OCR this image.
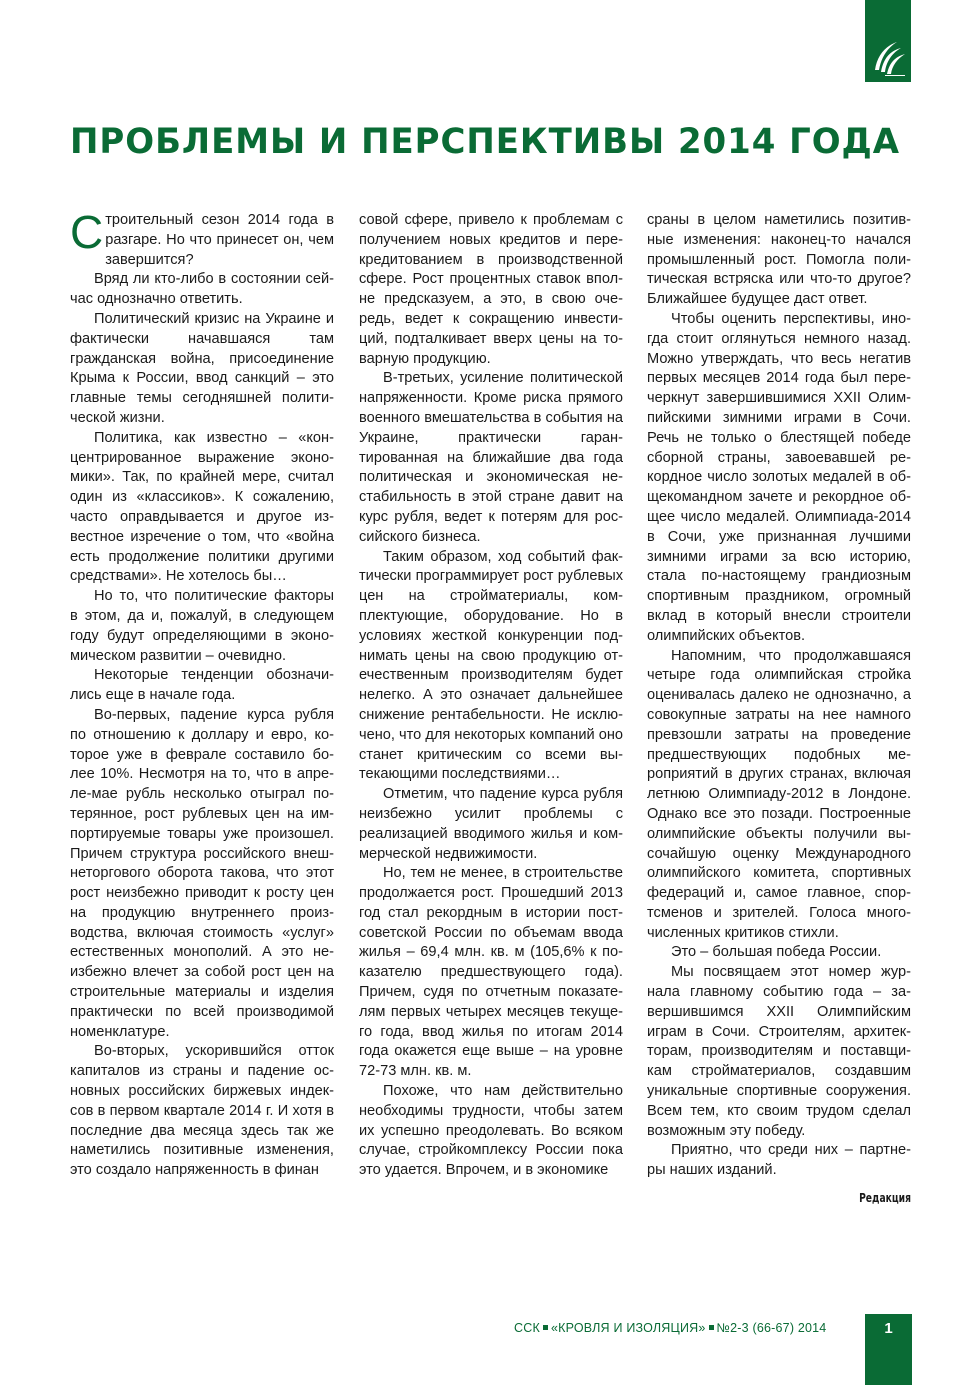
ПРОБЛЕМЫ И ПЕРСПЕКТИВЫ 2014 ГОДА

Строительный сезон 2014 года в разгаре. Но что принесет он, чем завершится?

Вряд ли кто-либо в состоянии сейчас однозначно ответить.

Политический кризис на Украине и фактически начавшаяся там гражданская война, присоединение Крыма к России, ввод санкций – это главные темы сегодняшней политической жизни.

Политика, как известно – «концентрированное выражение экономики». Так, по крайней мере, считал один из «классиков». К сожалению, часто оправдывается и другое известное изречение о том, что «война есть продолжение политики другими средствами». Не хотелось бы…

Но то, что политические факторы в этом, да и, пожалуй, в следующем году будут определяющими в экономическом развитии – очевидно.

Некоторые тенденции обозначились еще в начале года.

Во-первых, падение курса рубля по отношению к доллару и евро, которое уже в феврале составило более 10%. Несмотря на то, что в апреле-мае рубль несколько отыграл потерянное, рост рублевых цен на импортируемые товары уже произошел. Причем структура российского внешнеторгового оборота такова, что этот рост неизбежно приводит к росту цен на продукцию внутреннего производства, включая стоимость «услуг» естественных монополий. А это неизбежно влечет за собой рост цен на строительные материалы и изделия практически по всей производимой номенклатуре.

Во-вторых, ускорившийся отток капиталов из страны и падение основных российских биржевых индексов в первом квартале 2014 г. И хотя в последние два месяца здесь так же наметились позитивные изменения, это создало напряженность в финан

совой сфере, привело к проблемам с получением новых кредитов и перекредитованием в производственной сфере. Рост процентных ставок вполне предсказуем, а это, в свою очередь, ведет к сокращению инвестиций, подталкивает вверх цены на товарную продукцию.

В-третьих, усиление политической напряженности. Кроме риска прямого военного вмешательства в события на Украине, практически гарантированная на ближайшие два года политическая и экономическая нестабильность в этой стране давит на курс рубля, ведет к потерям для российского бизнеса.

Таким образом, ход событий фактически программирует рост рублевых цен на стройматериалы, комплектующие, оборудование. Но в условиях жесткой конкуренции поднимать цены на свою продукцию отечественным производителям будет нелегко. А это означает дальнейшее снижение рентабельности. Не исключено, что для некоторых компаний оно станет критическим со всеми вытекающими последствиями…

Отметим, что падение курса рубля неизбежно усилит проблемы с реализацией вводимого жилья и коммерческой недвижимости.

Но, тем не менее, в строительстве продолжается рост. Прошедший 2013 год стал рекордным в истории постсоветской России по объемам ввода жилья – 69,4 млн. кв. м (105,6% к показателю предшествующего года). Причем, судя по отчетным показателям первых четырех месяцев текущего года, ввод жилья по итогам 2014 года окажется еще выше – на уровне 72-73 млн. кв. м.

Похоже, что нам действительно необходимы трудности, чтобы затем их успешно преодолевать. Во всяком случае, стройкомплексу России пока это удается. Впрочем, и в экономике

сраны в целом наметились позитивные изменения: наконец-то начался промышленный рост. Помогла политическая встряска или что-то другое? Ближайшее будущее даст ответ.

Чтобы оценить перспективы, иногда стоит оглянуться немного назад. Можно утверждать, что весь негатив первых месяцев 2014 года был перечеркнут завершившимися XXII Олимпийскими зимними играми в Сочи. Речь не только о блестящей победе сборной страны, завоевавшей рекордное число золотых медалей в общекомандном зачете и рекордное общее число медалей. Олимпиада-2014 в Сочи, уже признанная лучшими зимними играми за всю историю, стала по-настоящему грандиозным спортивным праздником, огромный вклад в который внесли строители олимпийских объектов.

Напомним, что продолжавшаяся четыре года олимпийская стройка оценивалась далеко не однозначно, а совокупные затраты на нее намного превзошли затраты на проведение предшествующих подобных мероприятий в других странах, включая летнюю Олимпиаду-2012 в Лондоне. Однако все это позади. Построенные олимпийские объекты получили высочайшую оценку Международного олимпийского комитета, спортивных федераций и, самое главное, спортсменов и зрителей. Голоса многочисленных критиков стихли.

Это – большая победа России.

Мы посвящаем этот номер журнала главному событию года – завершившимся XXII Олимпийским играм в Сочи. Строителям, архитекторам, производителям и поставщикам стройматериалов, создавшим уникальные спортивные сооружения. Всем тем, кто своим трудом сделал возможным эту победу.

Приятно, что среди них – партнеры наших изданий.

Редакция
ССК «КРОВЛЯ И ИЗОЛЯЦИЯ» №2-3 (66-67) 2014	1
